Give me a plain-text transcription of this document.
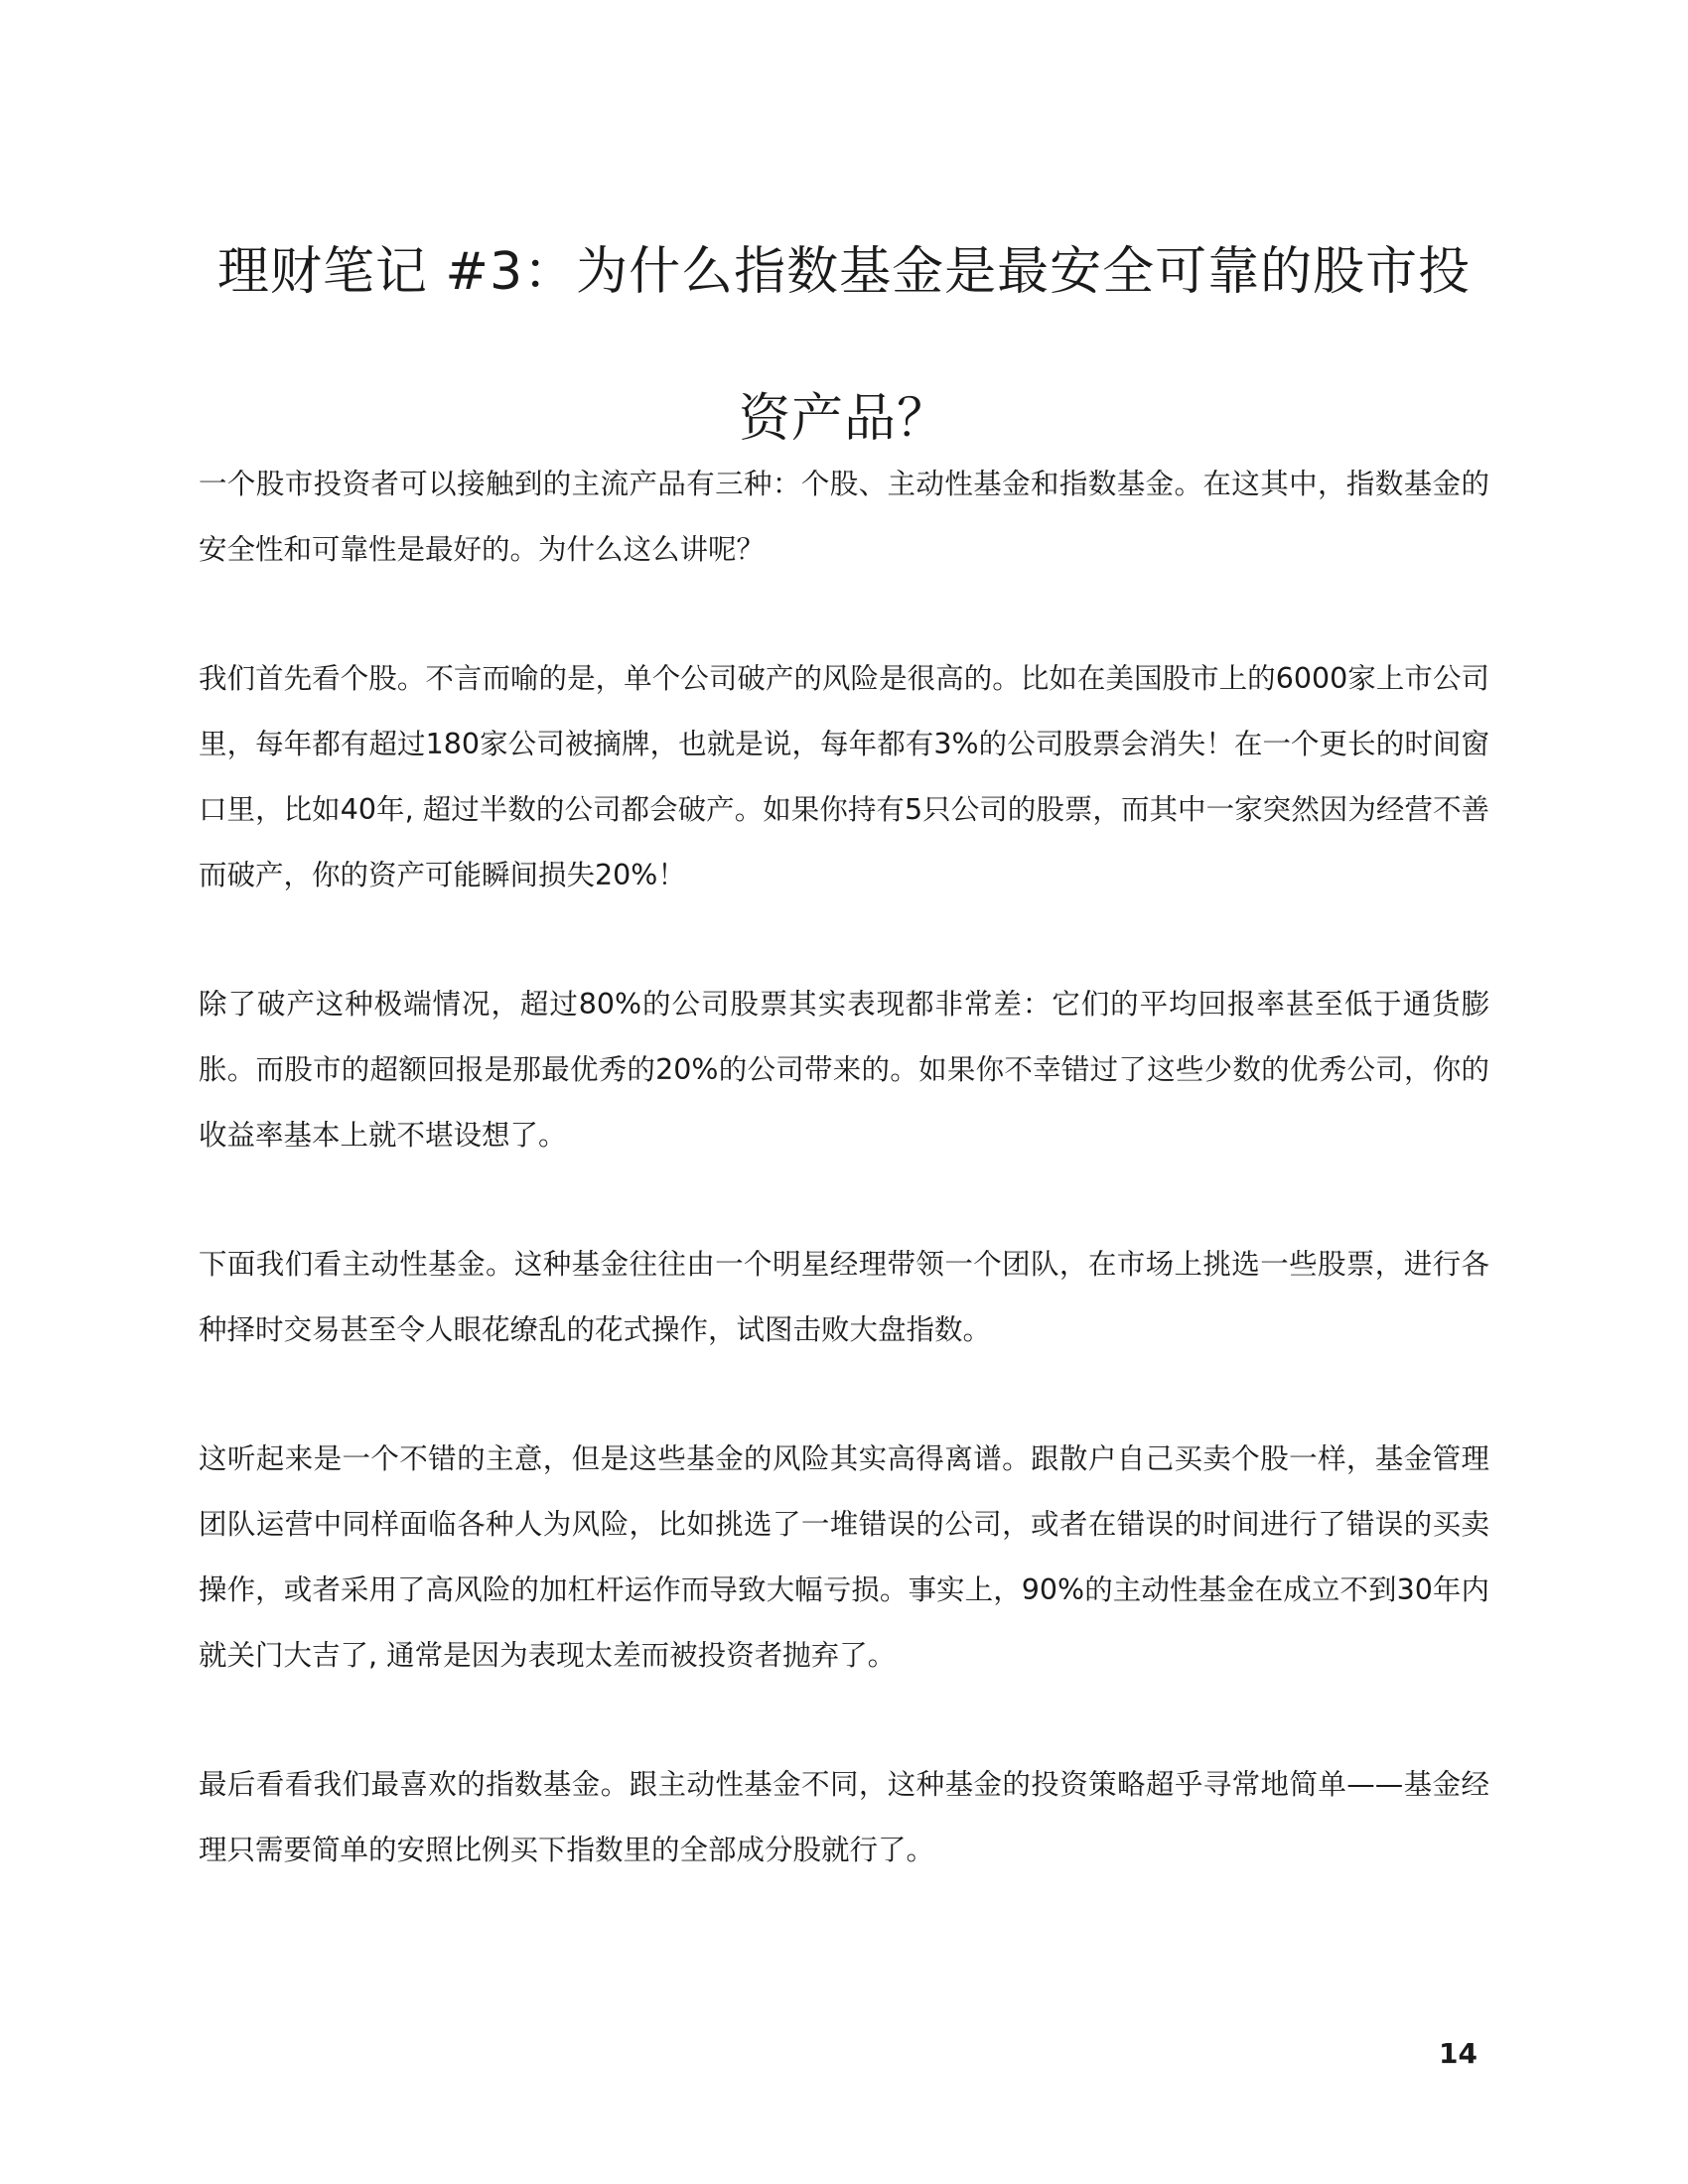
理财笔记 #3：为什么指数基金是最安全可靠的股市投资产品？

一个股市投资者可以接触到的主流产品有三种：个股、主动性基金和指数基金。在这其中，指数基金的安全性和可靠性是最好的。为什么这么讲呢？

我们首先看个股。不言而喻的是，单个公司破产的风险是很高的。比如在美国股市上的6000家上市公司里，每年都有超过180家公司被摘牌，也就是说，每年都有3%的公司股票会消失！在一个更长的时间窗口里，比如40年, 超过半数的公司都会破产。如果你持有5只公司的股票，而其中一家突然因为经营不善而破产，你的资产可能瞬间损失20%！

除了破产这种极端情况，超过80%的公司股票其实表现都非常差：它们的平均回报率甚至低于通货膨胀。而股市的超额回报是那最优秀的20%的公司带来的。如果你不幸错过了这些少数的优秀公司，你的收益率基本上就不堪设想了。

下面我们看主动性基金。这种基金往往由一个明星经理带领一个团队，在市场上挑选一些股票，进行各种择时交易甚至令人眼花缭乱的花式操作，试图击败大盘指数。

这听起来是一个不错的主意，但是这些基金的风险其实高得离谱。跟散户自己买卖个股一样，基金管理团队运营中同样面临各种人为风险，比如挑选了一堆错误的公司，或者在错误的时间进行了错误的买卖操作，或者采用了高风险的加杠杆运作而导致大幅亏损。事实上，90%的主动性基金在成立不到30年内就关门大吉了, 通常是因为表现太差而被投资者抛弃了。

最后看看我们最喜欢的指数基金。跟主动性基金不同，这种基金的投资策略超乎寻常地简单——基金经理只需要简单的安照比例买下指数里的全部成分股就行了。

14
